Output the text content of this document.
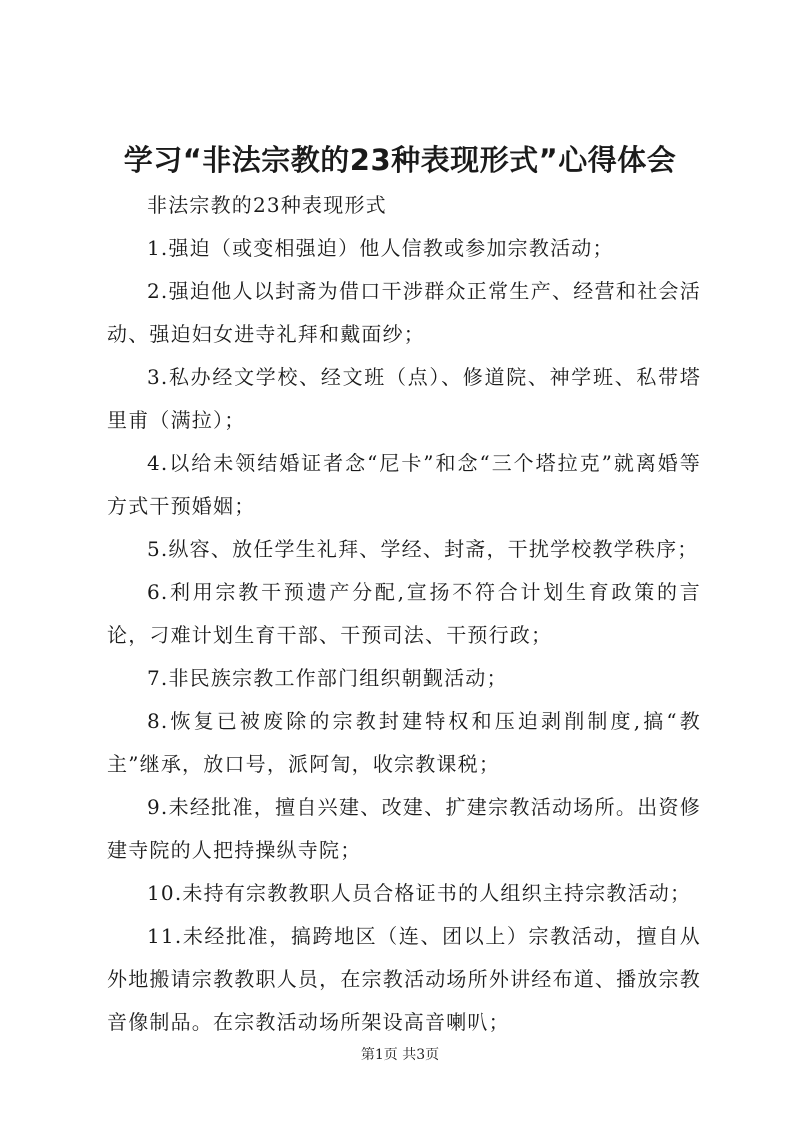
学习“非法宗教的23种表现形式”心得体会

非法宗教的23种表现形式

1.强迫（或变相强迫）他人信教或参加宗教活动；

2.强迫他人以封斋为借口干涉群众正常生产、经营和社会活动、强迫妇女进寺礼拜和戴面纱；

3.私办经文学校、经文班（点）、修道院、神学班、私带塔里甫（满拉）；

4.以给未领结婚证者念“尼卡”和念“三个塔拉克”就离婚等方式干预婚姻；

5.纵容、放任学生礼拜、学经、封斋，干扰学校教学秩序；

6.利用宗教干预遗产分配,宣扬不符合计划生育政策的言论，刁难计划生育干部、干预司法、干预行政；

7.非民族宗教工作部门组织朝觐活动；

8.恢复已被废除的宗教封建特权和压迫剥削制度,搞“教主”继承，放口号，派阿訇，收宗教课税；

9.未经批准，擅自兴建、改建、扩建宗教活动场所。出资修建寺院的人把持操纵寺院；

10.未持有宗教教职人员合格证书的人组织主持宗教活动；

11.未经批准，搞跨地区（连、团以上）宗教活动，擅自从外地搬请宗教教职人员，在宗教活动场所外讲经布道、播放宗教音像制品。在宗教活动场所架设高音喇叭；

第1页 共3页
